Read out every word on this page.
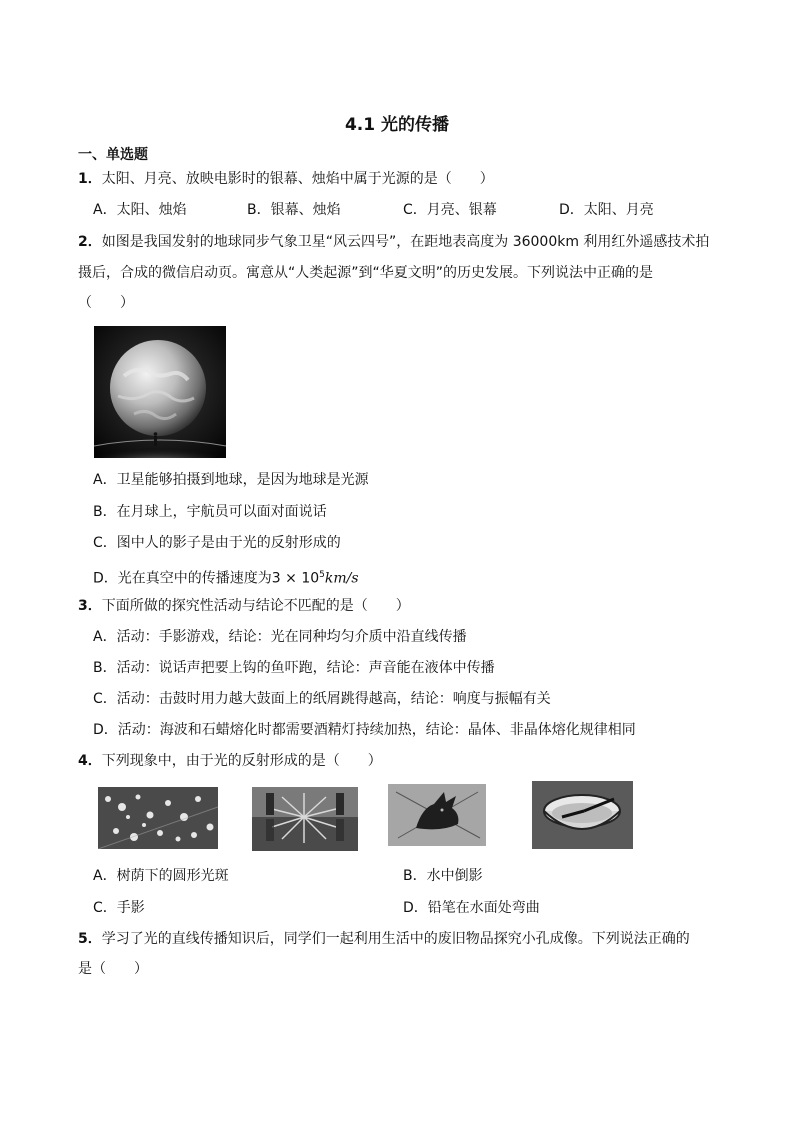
4.1 光的传播
一、单选题
1．太阳、月亮、放映电影时的银幕、烛焰中属于光源的是（　　）
A．太阳、烛焰	B．银幕、烛焰	C．月亮、银幕	D．太阳、月亮
2．如图是我国发射的地球同步气象卫星“风云四号”，在距地表高度为 36000km 利用红外遥感技术拍
摄后，合成的微信启动页。寓意从“人类起源”到“华夏文明”的历史发展。下列说法中正确的是
（　　）
A．卫星能够拍摄到地球，是因为地球是光源
B．在月球上，宇航员可以面对面说话
C．图中人的影子是由于光的反射形成的
D．光在真空中的传播速度为$3 \times 10^5km/s$
3．下面所做的探究性活动与结论不匹配的是（　　）
A．活动：手影游戏，结论：光在同种均匀介质中沿直线传播
B．活动：说话声把要上钩的鱼吓跑，结论：声音能在液体中传播
C．活动：击鼓时用力越大鼓面上的纸屑跳得越高，结论：响度与振幅有关
D．活动：海波和石蜡熔化时都需要酒精灯持续加热，结论：晶体、非晶体熔化规律相同
4．下列现象中，由于光的反射形成的是（　　）
A．树荫下的圆形光斑	B．水中倒影
C．手影	D．铅笔在水面处弯曲
5．学习了光的直线传播知识后，同学们一起利用生活中的废旧物品探究小孔成像。下列说法正确的
是（　　）
